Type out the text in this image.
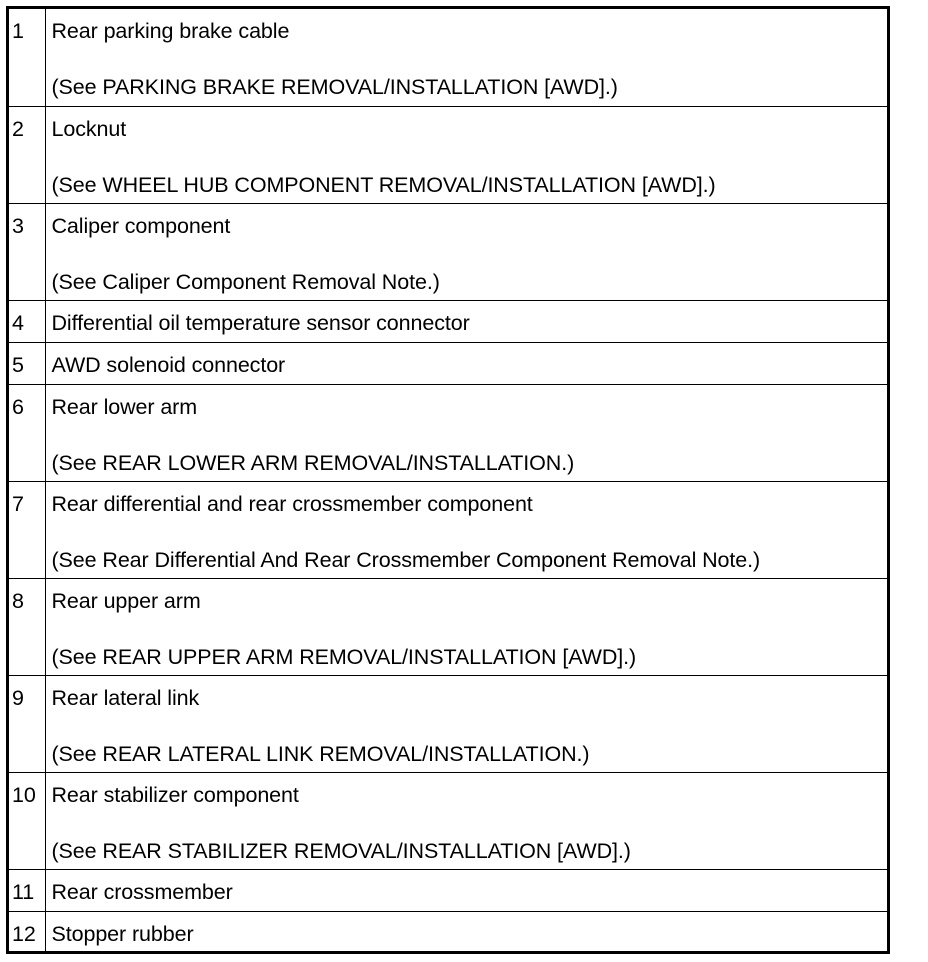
1	Rear parking brake cable
(See PARKING BRAKE REMOVAL/INSTALLATION [AWD].)

2	Locknut
(See WHEEL HUB COMPONENT REMOVAL/INSTALLATION [AWD].)

3	Caliper component
(See Caliper Component Removal Note.)

4	Differential oil temperature sensor connector

5	AWD solenoid connector

6	Rear lower arm
(See REAR LOWER ARM REMOVAL/INSTALLATION.)

7	Rear differential and rear crossmember component
(See Rear Differential And Rear Crossmember Component Removal Note.)

8	Rear upper arm
(See REAR UPPER ARM REMOVAL/INSTALLATION [AWD].)

9	Rear lateral link
(See REAR LATERAL LINK REMOVAL/INSTALLATION.)

10	Rear stabilizer component
(See REAR STABILIZER REMOVAL/INSTALLATION [AWD].)

11	Rear crossmember

12	Stopper rubber
